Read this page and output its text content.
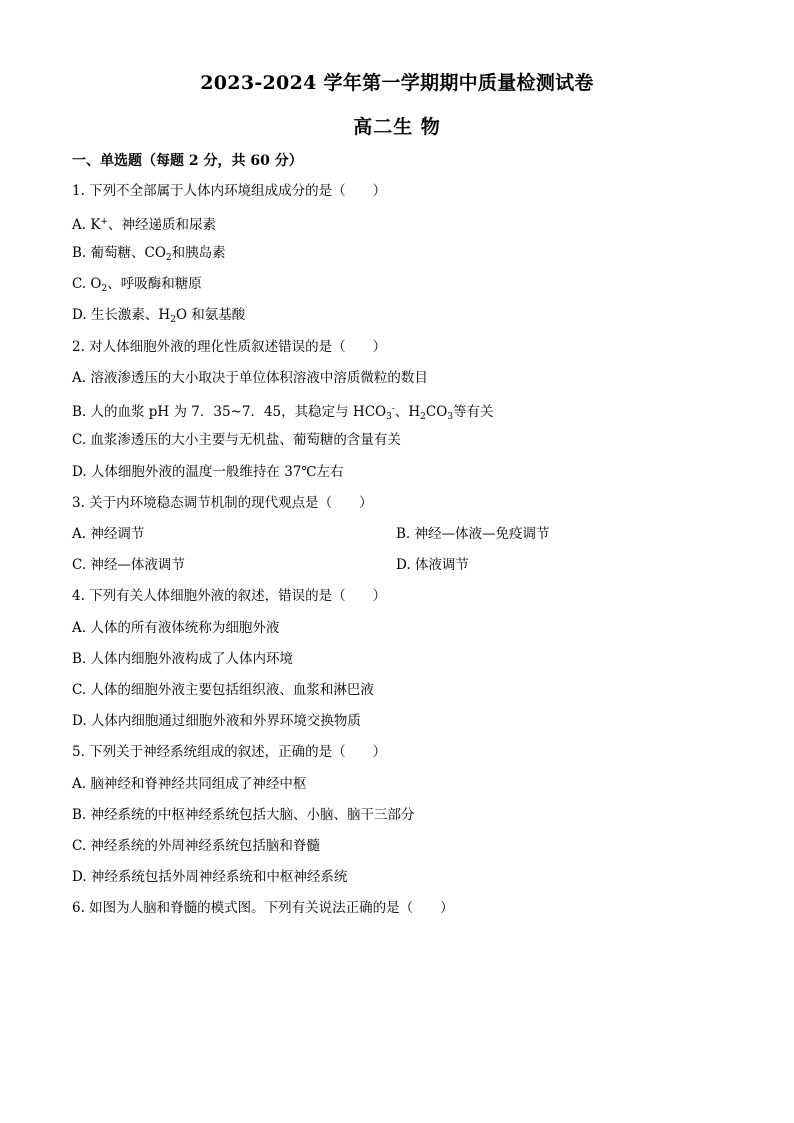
2023-2024 学年第一学期期中质量检测试卷
高二生 物
一、单选题（每题 2 分，共 60 分）
1. 下列不全部属于人体内环境组成成分的是（　　）
A. K+、神经递质和尿素
B. 葡萄糖、$CO_2$和胰岛素
C. $O_2$、呼吸酶和糖原
D. 生长激素、$H_2O$ 和氨基酸
2. 对人体细胞外液的理化性质叙述错误的是（　　）
A. 溶液渗透压的大小取决于单位体积溶液中溶质微粒的数目
B. 人的血浆 pH 为 7．35~7．45，其稳定与 $HCO_3^-$、$H_2CO_3$等有关
C. 血浆渗透压的大小主要与无机盐、葡萄糖的含量有关
D. 人体细胞外液的温度一般维持在 37℃左右
3. 关于内环境稳态调节机制的现代观点是（　　）
A. 神经调节	B. 神经—体液—免疫调节
C. 神经—体液调节	D. 体液调节
4. 下列有关人体细胞外液的叙述，错误的是（　　）
A. 人体的所有液体统称为细胞外液
B. 人体内细胞外液构成了人体内环境
C. 人体的细胞外液主要包括组织液、血浆和淋巴液
D. 人体内细胞通过细胞外液和外界环境交换物质
5. 下列关于神经系统组成的叙述，正确的是（　　）
A. 脑神经和脊神经共同组成了神经中枢
B. 神经系统的中枢神经系统包括大脑、小脑、脑干三部分
C. 神经系统的外周神经系统包括脑和脊髓
D. 神经系统包括外周神经系统和中枢神经系统
6. 如图为人脑和脊髓的模式图。下列有关说法正确的是（　　）
